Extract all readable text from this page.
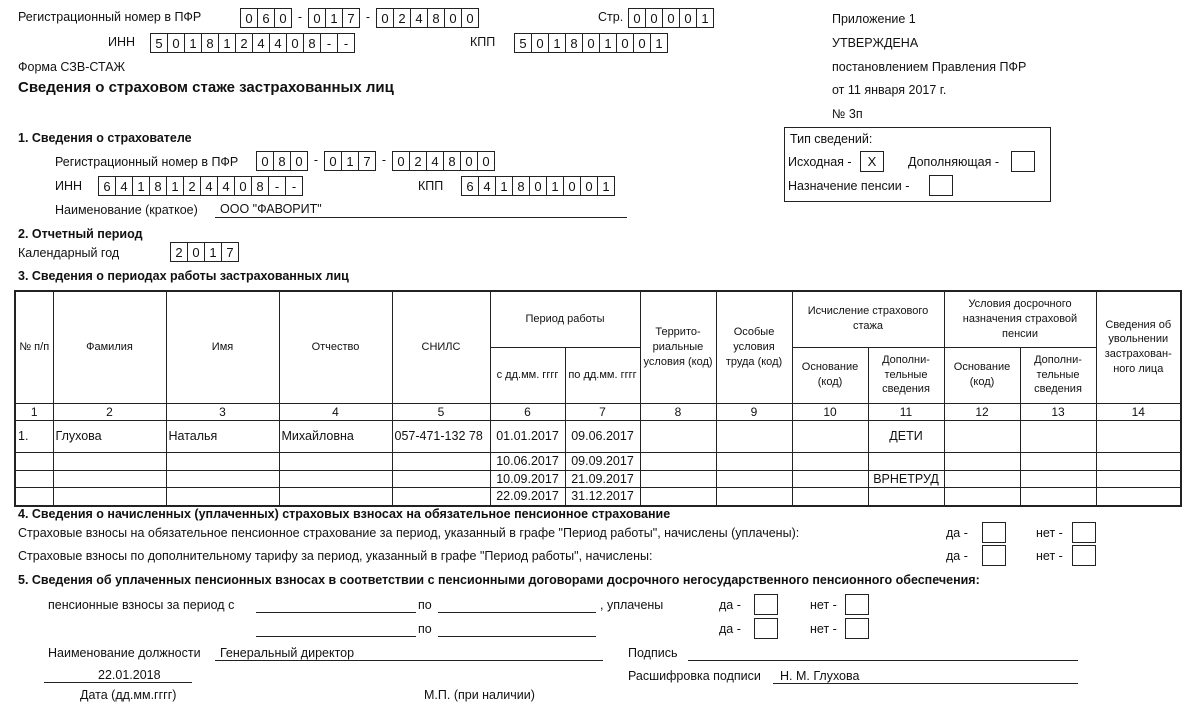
Регистрационный номер в ПФР	0 6 0 - 0 1 7 - 0 2 4 8 0 0	Стр. 0 0 0 0 1
ИНН	5 0 1 8 1 2 4 4 0 8 - -	КПП	5 0 1 8 0 1 0 0 1
Форма СЗВ-СТАЖ
Сведения о страховом стаже застрахованных лиц
Приложение 1
УТВЕРЖДЕНА
постановлением Правления ПФР
от 11 января 2017 г.
№ 3п
Тип сведений:
Исходная -	X	Дополняющая -
Назначение пенсии -
1. Сведения о страхователе
Регистрационный номер в ПФР	0 8 0 - 0 1 7 - 0 2 4 8 0 0
ИНН	6 4 1 8 1 2 4 4 0 8 - -	КПП	6 4 1 8 0 1 0 0 1
Наименование (краткое) ООО "ФАВОРИТ"
2. Отчетный период
Календарный год	2 0 1 7
3. Сведения о периодах работы застрахованных лиц
№ п/п	Фамилия	Имя	Отчество	СНИЛС	Период работы		Террито-риальные условия (код)	Особые условия труда (код)	Исчисление страхового стажа		Условия досрочного назначения страховой пенсии		Сведения об увольнении застрахован-ного лица
					с дд.мм. гггг	по дд.мм. гггг			Основание (код)	Дополни-тельные сведения	Основание (код)	Дополни-тельные сведения	
1	2	3	4	5	6	7	8	9	10	11	12	13	14
1.	Глухова	Наталья	Михайловна	057-471-132 78	01.01.2017	09.06.2017				ДЕТИ			
					10.06.2017	09.09.2017							
					10.09.2017	21.09.2017				ВРНЕТРУД			
					22.09.2017	31.12.2017							
4. Сведения о начисленных (уплаченных) страховых взносах на обязательное пенсионное страхование
Страховые взносы на обязательное пенсионное страхование за период, указанный в графе "Период работы", начислены (уплачены):	да -	нет -
Страховые взносы по дополнительному тарифу за период, указанный в графе "Период работы", начислены:	да -	нет -
5. Сведения об уплаченных пенсионных взносах в соответствии с пенсионными договорами досрочного негосударственного пенсионного обеспечения:
пенсионные взносы за период с	по	, уплачены	да -	нет -
по	да -	нет -
Наименование должности Генеральный директор	Подпись
22.01.2018
Дата (дд.мм.гггг)	М.П. (при наличии)
Расшифровка подписи Н. М. Глухова
